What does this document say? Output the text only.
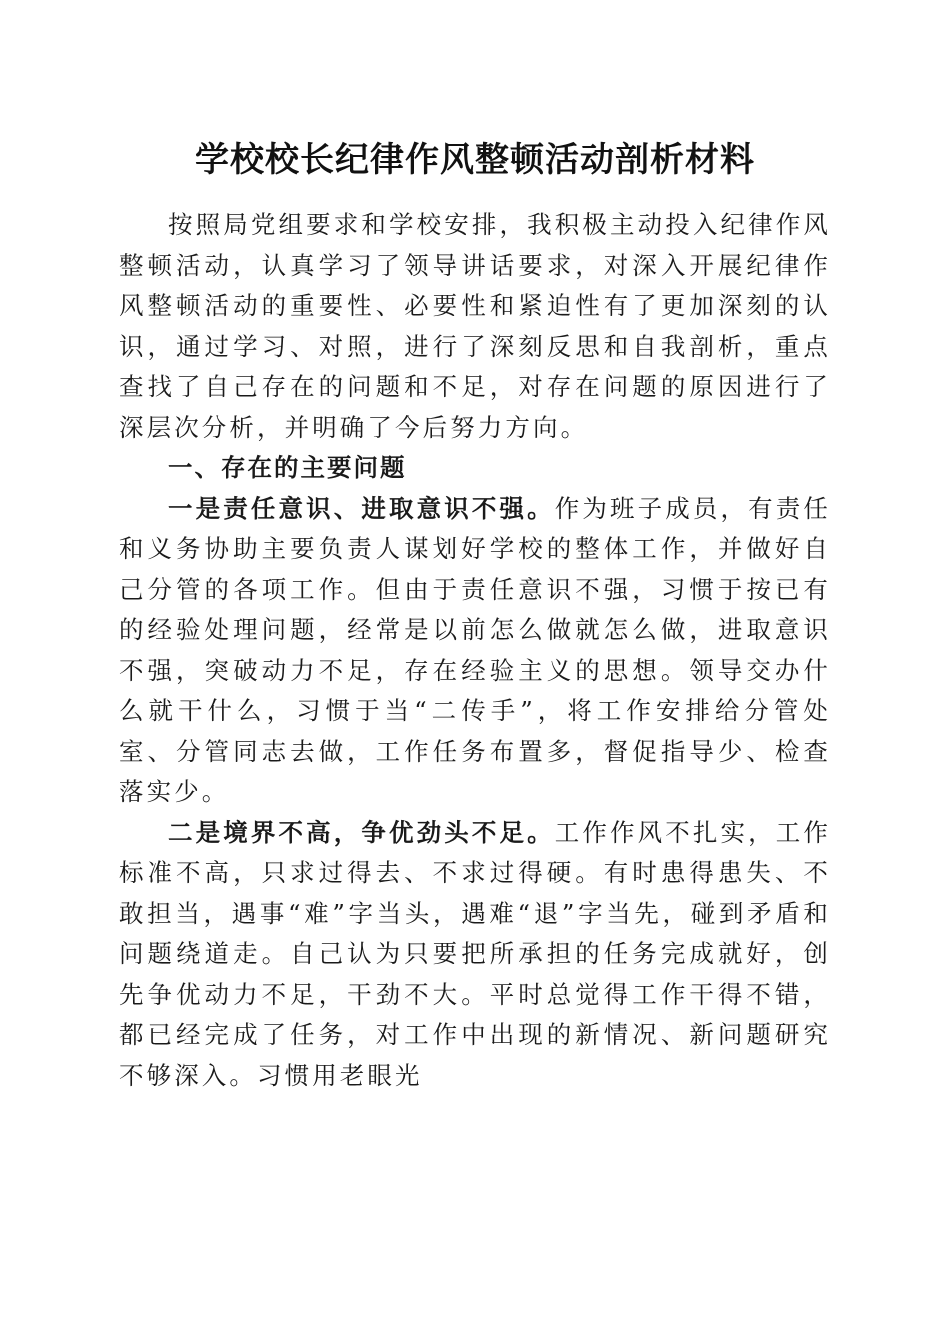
学校校长纪律作风整顿活动剖析材料

按照局党组要求和学校安排，我积极主动投入纪律作风整顿活动，认真学习了领导讲话要求，对深入开展纪律作风整顿活动的重要性、必要性和紧迫性有了更加深刻的认识，通过学习、对照，进行了深刻反思和自我剖析，重点查找了自己存在的问题和不足，对存在问题的原因进行了深层次分析，并明确了今后努力方向。

一、存在的主要问题

一是责任意识、进取意识不强。作为班子成员，有责任和义务协助主要负责人谋划好学校的整体工作，并做好自己分管的各项工作。但由于责任意识不强，习惯于按已有的经验处理问题，经常是以前怎么做就怎么做，进取意识不强，突破动力不足，存在经验主义的思想。领导交办什么就干什么，习惯于当“二传手”，将工作安排给分管处室、分管同志去做，工作任务布置多，督促指导少、检查落实少。

二是境界不高，争优劲头不足。工作作风不扎实，工作标准不高，只求过得去、不求过得硬。有时患得患失、不敢担当，遇事“难”字当头，遇难“退”字当先，碰到矛盾和问题绕道走。自己认为只要把所承担的任务完成就好，创先争优动力不足，干劲不大。平时总觉得工作干得不错，都已经完成了任务，对工作中出现的新情况、新问题研究不够深入。习惯用老眼光
